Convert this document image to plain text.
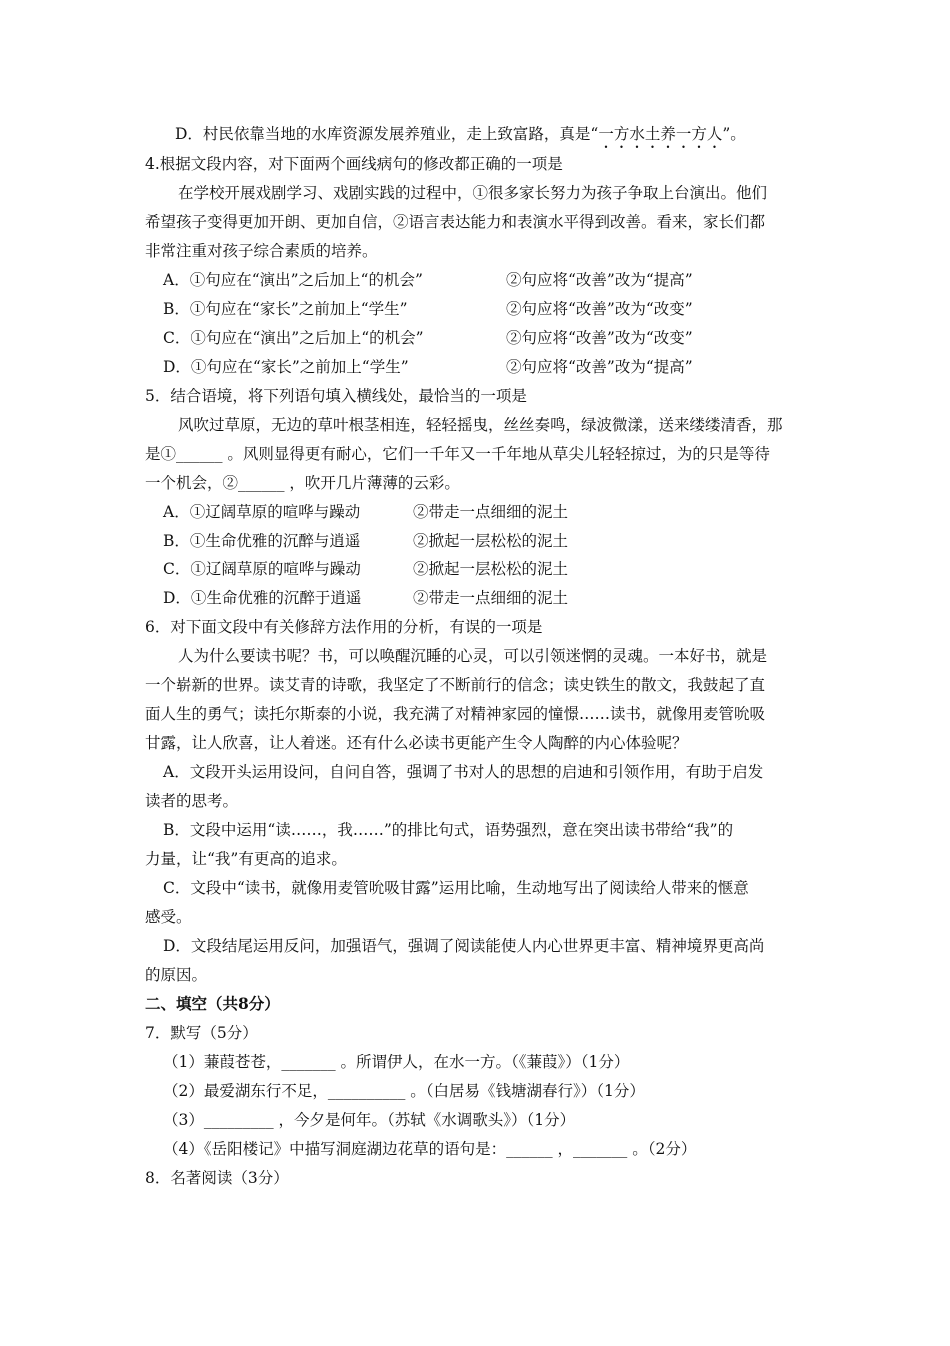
D．村民依靠当地的水库资源发展养殖业，走上致富路，真是“一方水土养一方人”。
4.根据文段内容，对下面两个画线病句的修改都正确的一项是
在学校开展戏剧学习、戏剧实践的过程中，①很多家长努力为孩子争取上台演出。他们
希望孩子变得更加开朗、更加自信，②语言表达能力和表演水平得到改善。看来，家长们都
非常注重对孩子综合素质的培养。
A．①句应在“演出”之后加上“的机会”	②句应将“改善”改为“提高”
B．①句应在“家长”之前加上“学生”	②句应将“改善”改为“改变”
C．①句应在“演出”之后加上“的机会”	②句应将“改善”改为“改变”
D．①句应在“家长”之前加上“学生”	②句应将“改善”改为“提高”
5．结合语境，将下列语句填入横线处，最恰当的一项是
风吹过草原，无边的草叶根茎相连，轻轻摇曳，丝丝奏鸣，绿波微漾，送来缕缕清香，那
是①______ 。风则显得更有耐心，它们一千年又一千年地从草尖儿轻轻掠过，为的只是等待
一个机会，②______ ，吹开几片薄薄的云彩。
A．①辽阔草原的喧哗与躁动	②带走一点细细的泥土
B．①生命优雅的沉醉与逍遥	②掀起一层松松的泥土
C．①辽阔草原的喧哗与躁动	②掀起一层松松的泥土
D．①生命优雅的沉醉于逍遥	②带走一点细细的泥土
6．对下面文段中有关修辞方法作用的分析，有误的一项是
人为什么要读书呢？书，可以唤醒沉睡的心灵，可以引领迷惘的灵魂。一本好书，就是
一个崭新的世界。读艾青的诗歌，我坚定了不断前行的信念；读史铁生的散文，我鼓起了直
面人生的勇气；读托尔斯泰的小说，我充满了对精神家园的憧憬……读书，就像用麦管吮吸
甘露，让人欣喜，让人着迷。还有什么必读书更能产生令人陶醉的内心体验呢？
A．文段开头运用设问，自问自答，强调了书对人的思想的启迪和引领作用，有助于启发
读者的思考。
B．文段中运用“读……，我……”的排比句式，语势强烈，意在突出读书带给“我”的
力量，让“我”有更高的追求。
C．文段中“读书，就像用麦管吮吸甘露”运用比喻，生动地写出了阅读给人带来的惬意
感受。
D．文段结尾运用反问，加强语气，强调了阅读能使人内心世界更丰富、精神境界更高尚
的原因。
二、填空（共8分）
7．默写（5分）
（1）蒹葭苍苍，_______ 。所谓伊人，在水一方。（《蒹葭》）（1分）
（2）最爱湖东行不足，__________ 。（白居易《钱塘湖春行》）（1分）
（3）_________ ，今夕是何年。（苏轼《水调歌头》）（1分）
（4）《岳阳楼记》中描写洞庭湖边花草的语句是：______ ，_______ 。（2分）
8．名著阅读（3分）
